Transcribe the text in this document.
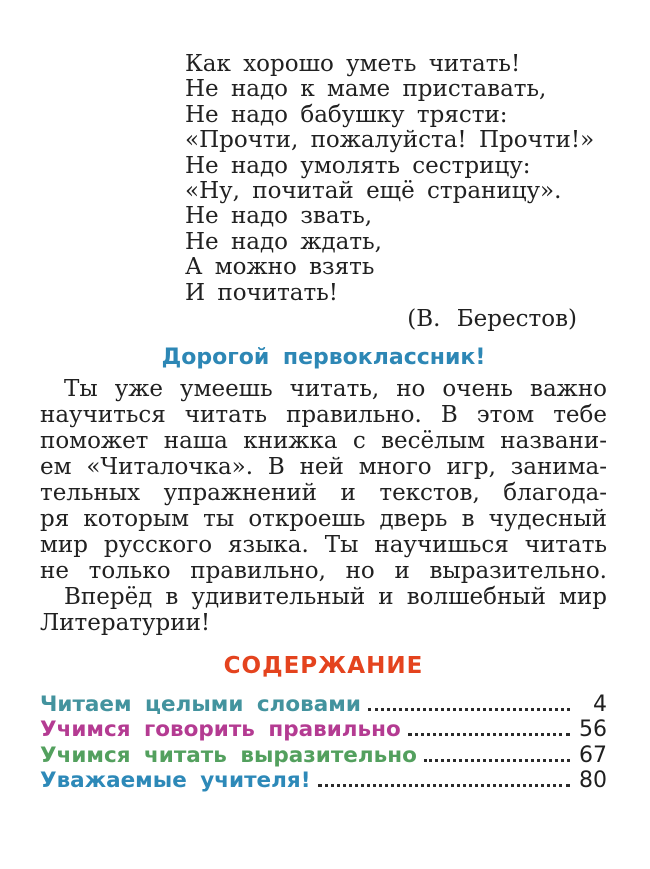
Как хорошо уметь читать!
Не надо к маме приставать,
Не надо бабушку трясти:
«Прочти, пожалуйста! Прочти!»
Не надо умолять сестрицу:
«Ну, почитай ещё страницу».
Не надо звать,
Не надо ждать,
А можно взять
И почитать!
(В. Берестов)
Дорогой первоклассник!
Ты уже умеешь читать, но очень важно
научиться читать правильно. В этом тебе
поможет наша книжка с весёлым названи-
ем «Читалочка». В ней много игр, занима-
тельных упражнений и текстов, благода-
ря которым ты откроешь дверь в чудесный
мир русского языка. Ты научишься читать
не только правильно, но и выразительно.
Вперёд в удивительный и волшебный мир
Литературии!
СОДЕРЖАНИЕ
Читаем целыми словами	4
Учимся говорить правильно	56
Учимся читать выразительно	67
Уважаемые учителя!	80
